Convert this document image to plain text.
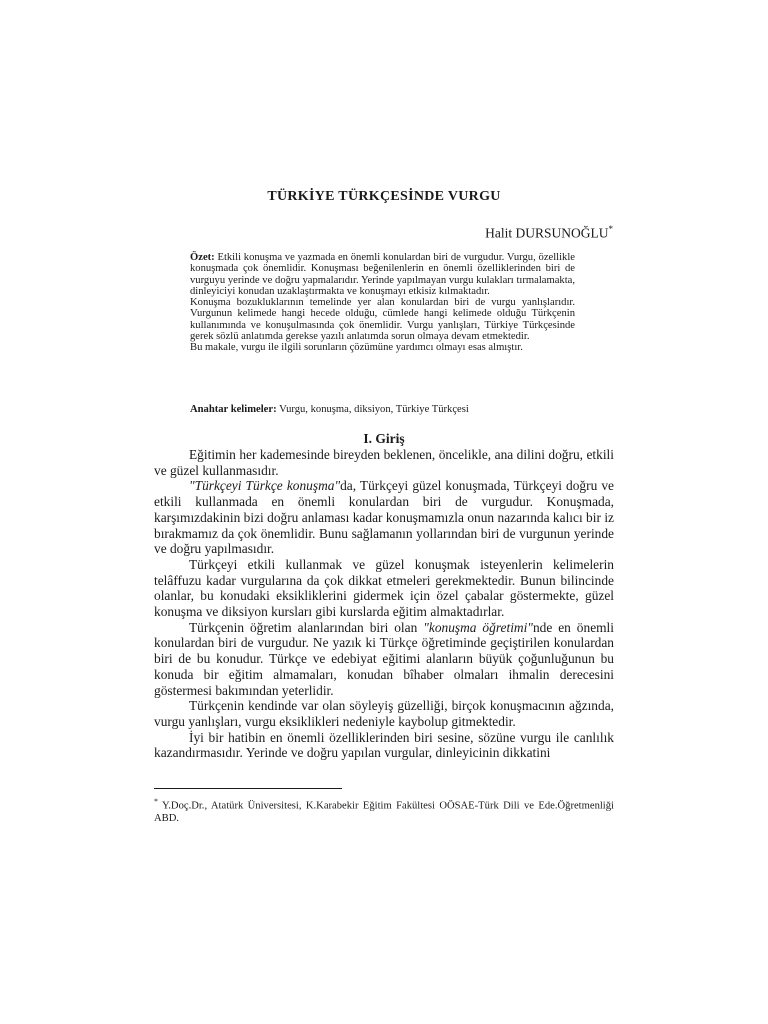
TÜRKİYE TÜRKÇESİNDE VURGU
Halit DURSUNOĞLU*

Özet: Etkili konuşma ve yazmada en önemli konulardan biri de vurgudur. Vurgu, özellikle konuşmada çok önemlidir. Konuşması beğenilenlerin en önemli özelliklerinden biri de vurguyu yerinde ve doğru yapmalarıdır. Yerinde yapılmayan vurgu kulakları tırmalamakta, dinleyiciyi konudan uzaklaştırmakta ve konuşmayı etkisiz kılmaktadır.

Konuşma bozukluklarının temelinde yer alan konulardan biri de vurgu yanlışlarıdır. Vurgunun kelimede hangi hecede olduğu, cümlede hangi kelimede olduğu Türkçenin kullanımında ve konuşulmasında çok önemlidir. Vurgu yanlışları, Türkiye Türkçesinde gerek sözlü anlatımda gerekse yazılı anlatımda sorun olmaya devam etmektedir.

Bu makale, vurgu ile ilgili sorunların çözümüne yardımcı olmayı esas almıştır.

Anahtar kelimeler: Vurgu, konuşma, diksiyon, Türkiye Türkçesi
I. Giriş

Eğitimin her kademesinde bireyden beklenen, öncelikle, ana dilini doğru, etkili ve güzel kullanmasıdır.

"Türkçeyi Türkçe konuşma"da, Türkçeyi güzel konuşmada, Türkçeyi doğru ve etkili kullanmada en önemli konulardan biri de vurgudur. Konuşmada, karşımızdakinin bizi doğru anlaması kadar konuşmamızla onun nazarında kalıcı bir iz bırakmamız da çok önemlidir. Bunu sağlamanın yollarından biri de vurgunun yerinde ve doğru yapılmasıdır.

Türkçeyi etkili kullanmak ve güzel konuşmak isteyenlerin kelimelerin telâffuzu kadar vurgularına da çok dikkat etmeleri gerekmektedir. Bunun bilincinde olanlar, bu konudaki eksikliklerini gidermek için özel çabalar göstermekte, güzel konuşma ve diksiyon kursları gibi kurslarda eğitim almaktadırlar.

Türkçenin öğretim alanlarından biri olan "konuşma öğretimi"nde en önemli konulardan biri de vurgudur. Ne yazık ki Türkçe öğretiminde geçiştirilen konulardan biri de bu konudur. Türkçe ve edebiyat eğitimi alanların büyük çoğunluğunun bu konuda bir eğitim almamaları, konudan bîhaber olmaları ihmalin derecesini göstermesi bakımından yeterlidir.

Türkçenin kendinde var olan söyleyiş güzelliği, birçok konuşmacının ağzında, vurgu yanlışları, vurgu eksiklikleri nedeniyle kaybolup gitmektedir.

İyi bir hatibin en önemli özelliklerinden biri sesine, sözüne vurgu ile canlılık kazandırmasıdır. Yerinde ve doğru yapılan vurgular, dinleyicinin dikkatini

* Y.Doç.Dr., Atatürk Üniversitesi, K.Karabekir Eğitim Fakültesi OÖSAE-Türk Dili ve Ede.Öğretmenliği ABD.
